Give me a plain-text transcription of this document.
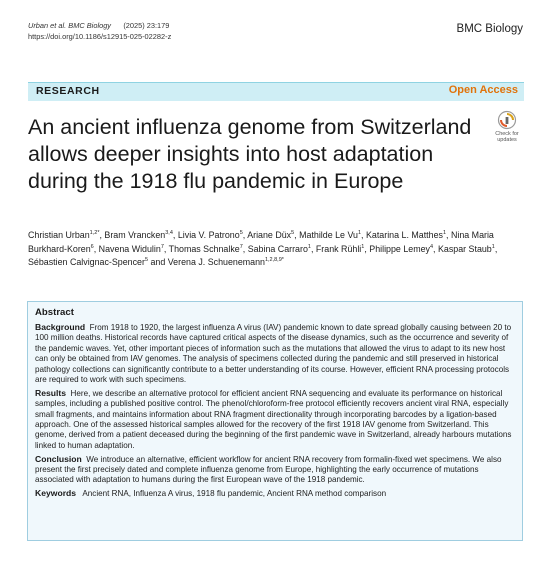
Urban et al. BMC Biology (2025) 23:179
https://doi.org/10.1186/s12915-025-02282-z
BMC Biology
RESEARCH	Open Access
An ancient influenza genome from Switzerland allows deeper insights into host adaptation during the 1918 flu pandemic in Europe
Check for
updates

Christian Urban$^{1,2*}$, Bram Vrancken$^{3,4}$, Livia V. Patrono$^5$, Ariane Düx$^5$, Mathilde Le Vu$^1$, Katarina L. Matthes$^1$, Nina Maria Burkhard-Koren$^6$, Navena Widulin$^7$, Thomas Schnalke$^7$, Sabina Carraro$^1$, Frank Rühli$^1$, Philippe Lemey$^4$, Kaspar Staub$^1$, Sébastien Calvignac-Spencer$^5$ and Verena J. Schuenemann$^{1,2,8,9*}$

Abstract

Background From 1918 to 1920, the largest influenza A virus (IAV) pandemic known to date spread globally causing between 20 to 100 million deaths. Historical records have captured critical aspects of the disease dynamics, such as the occurrence and severity of the pandemic waves. Yet, other important pieces of information such as the mutations that allowed the virus to adapt to its new host can only be obtained from IAV genomes. The analysis of specimens collected during the pandemic and still preserved in historical pathology collections can significantly contribute to a better understanding of its course. However, efficient RNA processing protocols are required to work with such specimens.

Results Here, we describe an alternative protocol for efficient ancient RNA sequencing and evaluate its performance on historical samples, including a published positive control. The phenol/chloroform-free protocol efficiently recovers ancient viral RNA, especially small fragments, and maintains information about RNA fragment directionality through incorporating barcodes by a ligation-based approach. One of the assessed historical samples allowed for the recovery of the first 1918 IAV genome from Switzerland. This genome, derived from a patient deceased during the beginning of the first pandemic wave in Switzerland, already harbours mutations linked to human adaptation.

Conclusion We introduce an alternative, efficient workflow for ancient RNA recovery from formalin-fixed wet specimens. We also present the first precisely dated and complete influenza genome from Europe, highlighting the early occurrence of mutations associated with adaptation to humans during the first European wave of the 1918 pandemic.

Keywords Ancient RNA, Influenza A virus, 1918 flu pandemic, Ancient RNA method comparison
